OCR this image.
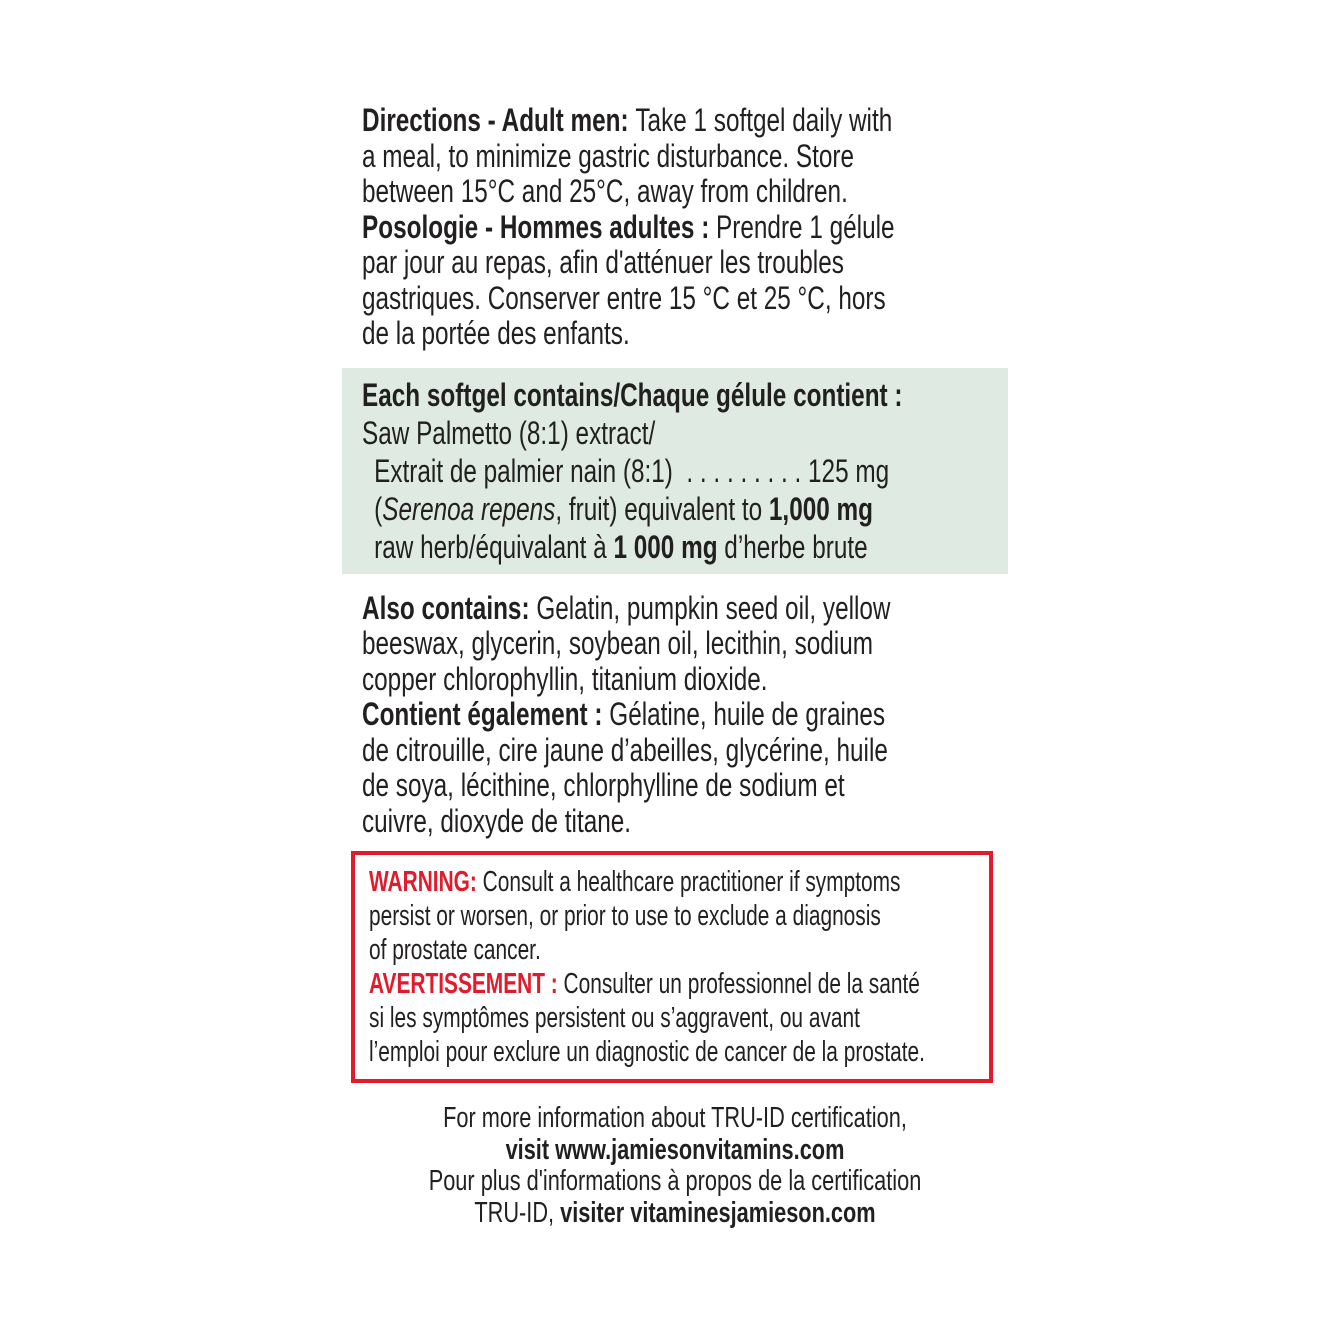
Directions - Adult men: Take 1 softgel daily with
a meal, to minimize gastric disturbance. Store
between 15°C and 25°C, away from children.
Posologie - Hommes adultes : Prendre 1 gélule
par jour au repas, afin d'atténuer les troubles
gastriques. Conserver entre 15 °C et 25 °C, hors
de la portée des enfants.
Each softgel contains/Chaque gélule contient :
Saw Palmetto (8:1) extract/
Extrait de palmier nain (8:1)  . . . . . . . . . 125 mg
(Serenoa repens, fruit) equivalent to 1,000 mg
raw herb/équivalant à 1 000 mg d’herbe brute
Also contains: Gelatin, pumpkin seed oil, yellow
beeswax, glycerin, soybean oil, lecithin, sodium
copper chlorophyllin, titanium dioxide.
Contient également : Gélatine, huile de graines
de citrouille, cire jaune d’abeilles, glycérine, huile
de soya, lécithine, chlorphylline de sodium et
cuivre, dioxyde de titane.
WARNING: Consult a healthcare practitioner if symptoms
persist or worsen, or prior to use to exclude a diagnosis
of prostate cancer.
AVERTISSEMENT : Consulter un professionnel de la santé
si les symptômes persistent ou s’aggravent, ou avant
l’emploi pour exclure un diagnostic de cancer de la prostate.
For more information about TRU-ID certification,
visit www.jamiesonvitamins.com
Pour plus d'informations à propos de la certification
TRU-ID, visiter vitaminesjamieson.com
